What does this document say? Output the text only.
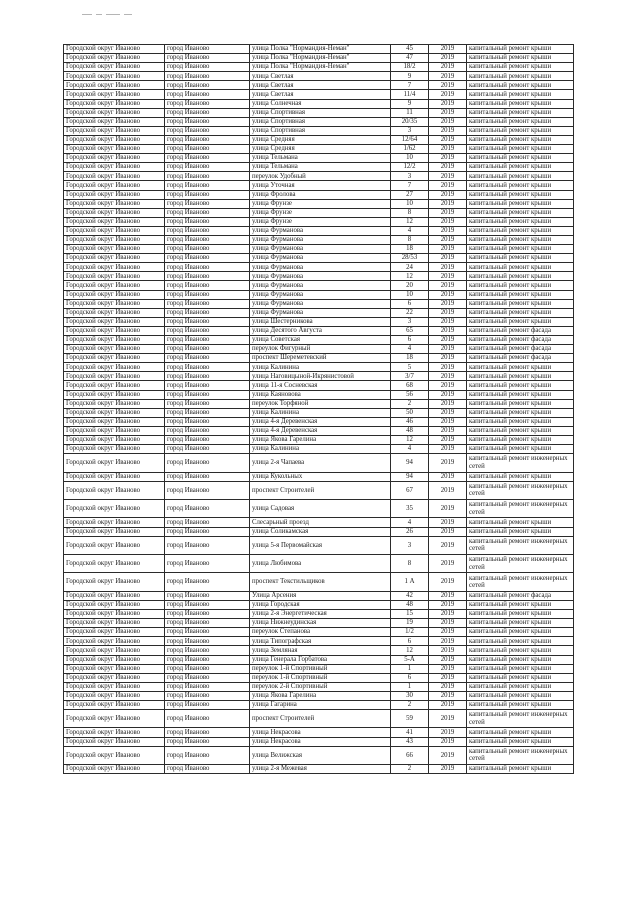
Городской округ Иваново	город Иваново	улица Полка "Нормандия-Неман"	45	2019	капитальный ремонт крыши
Городской округ Иваново	город Иваново	улица Полка "Нормандия-Неман"	47	2019	капитальный ремонт крыши
Городской округ Иваново	город Иваново	улица Полка "Нормандия-Неман"	18/2	2019	капитальный ремонт крыши
Городской округ Иваново	город Иваново	улица Светлая	9	2019	капитальный ремонт крыши
Городской округ Иваново	город Иваново	улица Светлая	7	2019	капитальный ремонт крыши
Городской округ Иваново	город Иваново	улица Светлая	11/4	2019	капитальный ремонт крыши
Городской округ Иваново	город Иваново	улица Солнечная	9	2019	капитальный ремонт крыши
Городской округ Иваново	город Иваново	улица Спортивная	11	2019	капитальный ремонт крыши
Городской округ Иваново	город Иваново	улица Спортивная	20/35	2019	капитальный ремонт крыши
Городской округ Иваново	город Иваново	улица Спортивная	3	2019	капитальный ремонт крыши
Городской округ Иваново	город Иваново	улица Средняя	12/64	2019	капитальный ремонт крыши
Городской округ Иваново	город Иваново	улица Средняя	1/62	2019	капитальный ремонт крыши
Городской округ Иваново	город Иваново	улица Тельмана	10	2019	капитальный ремонт крыши
Городской округ Иваново	город Иваново	улица Тельмана	12/2	2019	капитальный ремонт крыши
Городской округ Иваново	город Иваново	переулок Удобный	3	2019	капитальный ремонт крыши
Городской округ Иваново	город Иваново	улица Уточная	7	2019	капитальный ремонт крыши
Городской округ Иваново	город Иваново	улица Фролова	27	2019	капитальный ремонт крыши
Городской округ Иваново	город Иваново	улица Фрунзе	10	2019	капитальный ремонт крыши
Городской округ Иваново	город Иваново	улица Фрунзе	8	2019	капитальный ремонт крыши
Городской округ Иваново	город Иваново	улица Фрунзе	12	2019	капитальный ремонт крыши
Городской округ Иваново	город Иваново	улица Фурманова	4	2019	капитальный ремонт крыши
Городской округ Иваново	город Иваново	улица Фурманова	8	2019	капитальный ремонт крыши
Городской округ Иваново	город Иваново	улица Фурманова	18	2019	капитальный ремонт крыши
Городской округ Иваново	город Иваново	улица Фурманова	28/53	2019	капитальный ремонт крыши
Городской округ Иваново	город Иваново	улица Фурманова	24	2019	капитальный ремонт крыши
Городской округ Иваново	город Иваново	улица Фурманова	12	2019	капитальный ремонт крыши
Городской округ Иваново	город Иваново	улица Фурманова	20	2019	капитальный ремонт крыши
Городской округ Иваново	город Иваново	улица Фурманова	10	2019	капитальный ремонт крыши
Городской округ Иваново	город Иваново	улица Фурманова	6	2019	капитальный ремонт крыши
Городской округ Иваново	город Иваново	улица Фурманова	22	2019	капитальный ремонт крыши
Городской округ Иваново	город Иваново	улица Шестерникова	3	2019	капитальный ремонт крыши
Городской округ Иваново	город Иваново	улица Десятого Августа	65	2019	капитальный ремонт фасада
Городской округ Иваново	город Иваново	улица Советская	6	2019	капитальный ремонт фасада
Городской округ Иваново	город Иваново	переулок Фигурный	4	2019	капитальный ремонт фасада
Городской округ Иваново	город Иваново	проспект Шереметевский	18	2019	капитальный ремонт фасада
Городской округ Иваново	город Иваново	улица Калинина	5	2019	капитальный ремонт крыши
Городской округ Иваново	город Иваново	улица Наговицыной-Икрянистовой	3/7	2019	капитальный ремонт крыши
Городской округ Иваново	город Иваново	улица 11-я Сосневская	68	2019	капитальный ремонт крыши
Городской округ Иваново	город Иваново	улица Каяновова	56	2019	капитальный ремонт крыши
Городской округ Иваново	город Иваново	переулок Торфяной	2	2019	капитальный ремонт крыши
Городской округ Иваново	город Иваново	улица Калинина	50	2019	капитальный ремонт крыши
Городской округ Иваново	город Иваново	улица 4-я Деревенская	46	2019	капитальный ремонт крыши
Городской округ Иваново	город Иваново	улица 4-я Деревенская	48	2019	капитальный ремонт крыши
Городской округ Иваново	город Иваново	улица Якова Гарелина	12	2019	капитальный ремонт крыши
Городской округ Иваново	город Иваново	улица Калинина	4	2019	капитальный ремонт крыши
Городской округ Иваново	город Иваново	улица 2-я Чапаева	94	2019	капитальный ремонт инженерных сетей
Городской округ Иваново	город Иваново	улица Кукольных	94	2019	капитальный ремонт крыши
Городской округ Иваново	город Иваново	проспект Строителей	67	2019	капитальный ремонт инженерных сетей
Городской округ Иваново	город Иваново	улица Садовая	35	2019	капитальный ремонт инженерных сетей
Городской округ Иваново	город Иваново	Слесарьный проезд	4	2019	капитальный ремонт крыши
Городской округ Иваново	город Иваново	улица Соликамская	26	2019	капитальный ремонт крыши
Городской округ Иваново	город Иваново	улица 5-я Первомайская	3	2019	капитальный ремонт инженерных сетей
Городской округ Иваново	город Иваново	улица Любимова	8	2019	капитальный ремонт инженерных сетей
Городской округ Иваново	город Иваново	проспект Текстильщиков	1 А	2019	капитальный ремонт инженерных сетей
Городской округ Иваново	город Иваново	Улица Арсения	42	2019	капитальный ремонт фасада
Городской округ Иваново	город Иваново	улица Городская	48	2019	капитальный ремонт крыши
Городской округ Иваново	город Иваново	улица 2-я Энергетическая	15	2019	капитальный ремонт крыши
Городской округ Иваново	город Иваново	улица Нижнеудинская	19	2019	капитальный ремонт крыши
Городской округ Иваново	город Иваново	переулок Степанова	1/2	2019	капитальный ремонт крыши
Городской округ Иваново	город Иваново	улица Типографская	6	2019	капитальный ремонт крыши
Городской округ Иваново	город Иваново	улица Земляная	12	2019	капитальный ремонт крыши
Городской округ Иваново	город Иваново	улица Генерала Горбатова	5-А	2019	капитальный ремонт крыши
Городской округ Иваново	город Иваново	переулок 1-й Спортивный	1	2019	капитальный ремонт крыши
Городской округ Иваново	город Иваново	переулок 1-й Спортивный	6	2019	капитальный ремонт крыши
Городской округ Иваново	город Иваново	переулок 2-й Спортивный	1	2019	капитальный ремонт крыши
Городской округ Иваново	город Иваново	улица Якова Гарелина	30	2019	капитальный ремонт крыши
Городской округ Иваново	город Иваново	улица Гагарина	2	2019	капитальный ремонт крыши
Городской округ Иваново	город Иваново	проспект Строителей	59	2019	капитальный ремонт инженерных сетей
Городской округ Иваново	город Иваново	улица Некрасова	41	2019	капитальный ремонт крыши
Городской округ Иваново	город Иваново	улица Некрасова	43	2019	капитальный ремонт крыши
Городской округ Иваново	город Иваново	улица Велижская	66	2019	капитальный ремонт инженерных сетей
Городской округ Иваново	город Иваново	улица 2-я Межевая	2	2019	капитальный ремонт крыши
